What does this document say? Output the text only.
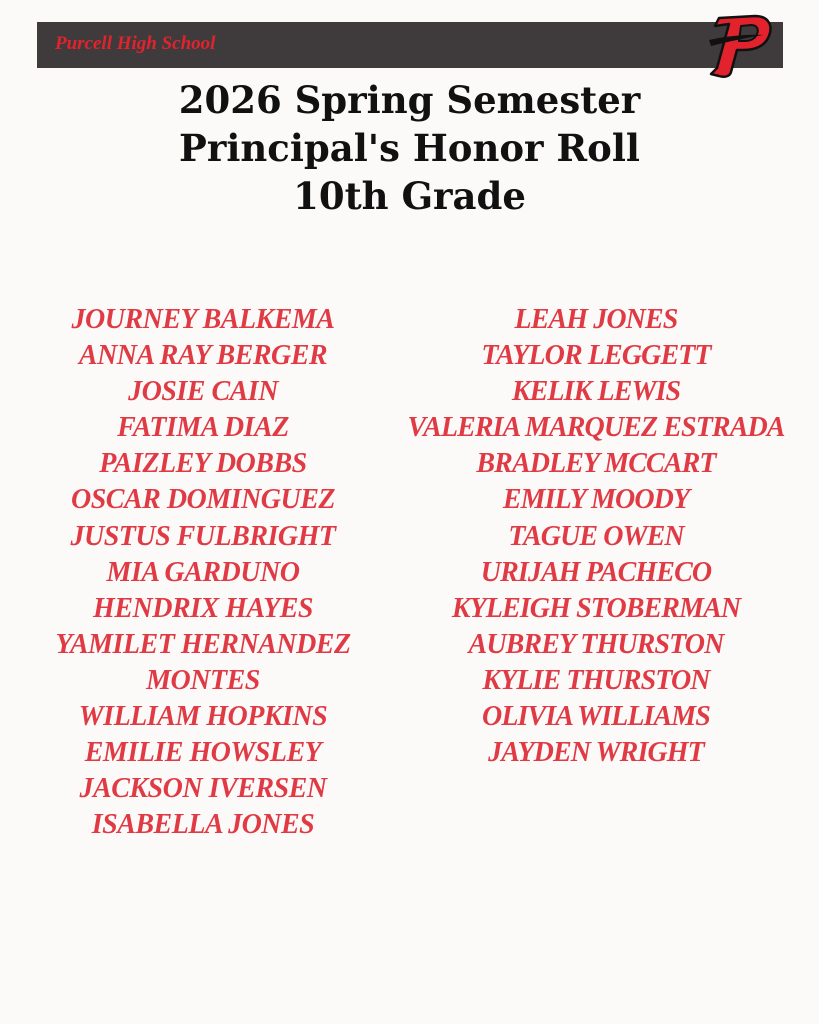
Purcell High School
2026 Spring Semester
Principal's Honor Roll
10th Grade
JOURNEY BALKEMA
ANNA RAY BERGER
JOSIE CAIN
FATIMA DIAZ
PAIZLEY DOBBS
OSCAR DOMINGUEZ
JUSTUS FULBRIGHT
MIA GARDUNO
HENDRIX HAYES
YAMILET HERNANDEZ
MONTES
WILLIAM HOPKINS
EMILIE HOWSLEY
JACKSON IVERSEN
ISABELLA JONES
LEAH JONES
TAYLOR LEGGETT
KELIK LEWIS
VALERIA MARQUEZ ESTRADA
BRADLEY MCCART
EMILY MOODY
TAGUE OWEN
URIJAH PACHECO
KYLEIGH STOBERMAN
AUBREY THURSTON
KYLIE THURSTON
OLIVIA WILLIAMS
JAYDEN WRIGHT
